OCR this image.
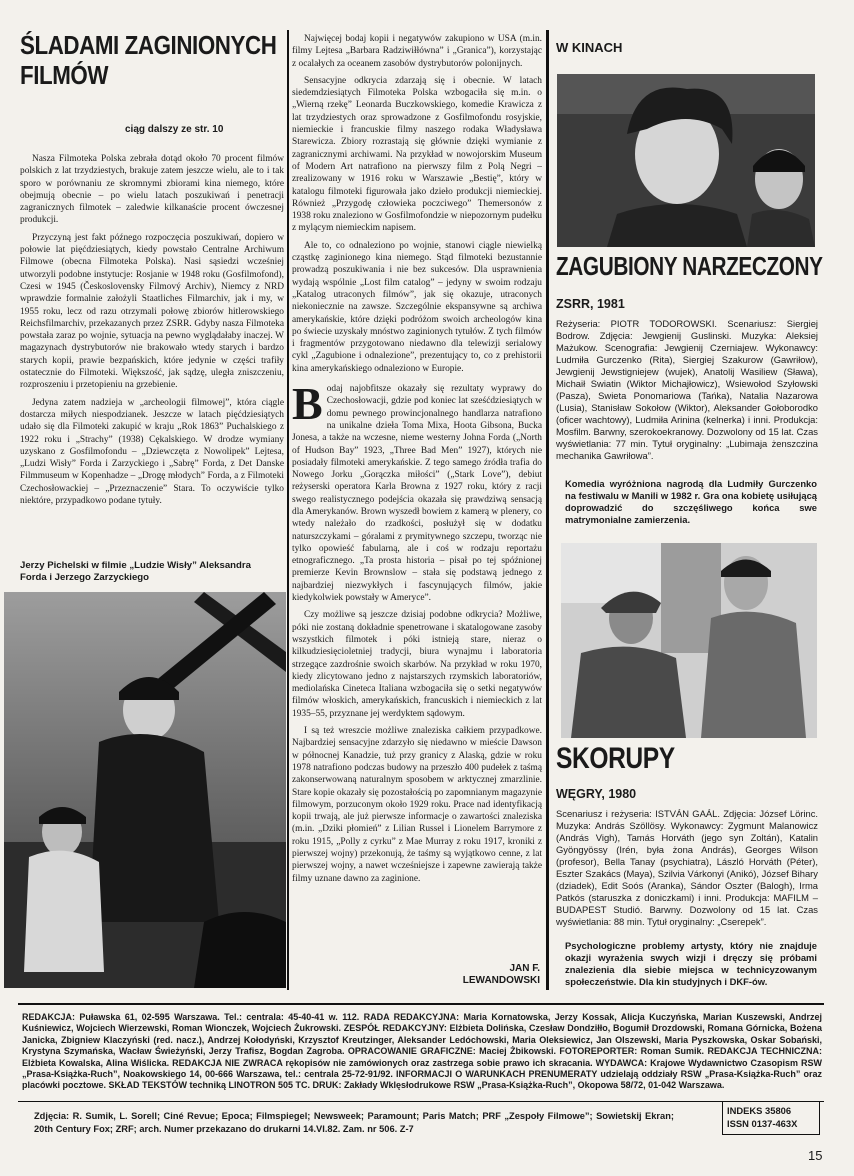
ŚLADAMI ZAGINIONYCH
FILMÓW
ciąg dalszy ze str. 10

Nasza Filmoteka Polska zebrała dotąd około 70 procent filmów polskich z lat trzydziestych, brakuje zatem jeszcze wielu, ale to i tak sporo w porównaniu ze skromnymi zbiorami kina niemego, które obejmują obecnie – po wielu latach poszukiwań i penetracji zagranicznych filmotek – zaledwie kilkanaście procent ówczesnej produkcji.

Przyczyną jest fakt późnego rozpoczęcia poszukiwań, dopiero w połowie lat pięćdziesiątych, kiedy powstało Centralne Archiwum Filmowe (obecna Filmoteka Polska). Nasi sąsiedzi wcześniej utworzyli podobne instytucje: Rosjanie w 1948 roku (Gosfilmofond), Czesi w 1945 (Československy Filmový Archiv), Niemcy z NRD wprawdzie formalnie założyli Staatliches Filmarchiv, jak i my, w 1955 roku, lecz od razu otrzymali połowę zbiorów hitlerowskiego Reichsfilmarchiv, przekazanych przez ZSRR. Gdyby nasza Filmoteka powstała zaraz po wojnie, sytuacja na pewno wyglądałaby inaczej. W magazynach dystrybutorów nie brakowało wtedy starych i bardzo starych kopii, prawie bezpańskich, które jedynie w części trafiły ostatecznie do Filmoteki. Większość, jak sądzę, uległa zniszczeniu, rozproszeniu i przetopieniu na grzebienie.

Jedyna zatem nadzieja w „archeologii filmowej”, która ciągle dostarcza miłych niespodzianek. Jeszcze w latach pięćdziesiątych udało się dla Filmoteki zakupić w kraju „Rok 1863” Puchalskiego z 1922 roku i „Strachy” (1938) Cękalskiego. W drodze wymiany uzyskano z Gosfilmofondu – „Dziewczęta z Nowolipek” Lejtesa, „Ludzi Wisły” Forda i Zarzyckiego i „Sabrę” Forda, z Det Danske Filmmuseum w Kopenhadze – „Drogę młodych” Forda, a z Filmoteki Czechosłowackiej – „Przeznaczenie” Stara. To oczywiście tylko niektóre, przypadkowo podane tytuły.

Jerzy Pichelski w filmie „Ludzie Wisły” Aleksandra Forda i Jerzego Zarzyckiego

Najwięcej bodaj kopii i negatywów zakupiono w USA (m.in. filmy Lejtesa „Barbara Radziwiłłówna” i „Granica”), korzystając z ocalałych za oceanem zasobów dystrybutorów polonijnych.

Sensacyjne odkrycia zdarzają się i obecnie. W latach siedemdziesiątych Filmoteka Polska wzbogaciła się m.in. o „Wierną rzekę” Leonarda Buczkowskiego, komedie Krawicza z lat trzydziestych oraz sprowadzone z Gosfilmofondu rosyjskie, niemieckie i francuskie filmy naszego rodaka Władysława Starewicza. Zbiory rozrastają się głównie dzięki wymianie z zagranicznymi archiwami. Na przykład w nowojorskim Museum of Modern Art natrafiono na pierwszy film z Polą Negri – zrealizowany w 1916 roku w Warszawie „Bestię”, który w katalogu filmoteki figurowała jako dzieło produkcji niemieckiej. Również „Przygodę człowieka poczciwego” Themersonów z 1938 roku znaleziono w Gosfilmofondzie w niepozornym pudełku z mylącym niemieckim napisem.

Ale to, co odnaleziono po wojnie, stanowi ciągle niewielką cząstkę zaginionego kina niemego. Stąd filmoteki bezustannie prowadzą poszukiwania i nie bez sukcesów. Dla usprawnienia wydają wspólnie „Lost film catalog” – jedyny w swoim rodzaju „Katalog utraconych filmów”, jak się okazuje, utraconych niekoniecznie na zawsze. Szczególnie ekspansywne są archiwa amerykańskie, które dzięki podróżom swoich archeologów kina po świecie uzyskały mnóstwo zaginionych tytułów. Z tych filmów i fragmentów przygotowano niedawno dla telewizji serialowy cykl „Zagubione i odnalezione”, prezentujący to, co z prehistorii kina amerykańskiego odnaleziono w Europie.

Bodaj najobfitsze okazały się rezultaty wyprawy do Czechosłowacji, gdzie pod koniec lat sześćdziesiątych w domu pewnego prowincjonalnego handlarza natrafiono na unikalne dzieła Toma Mixa, Hoota Gibsona, Bucka Jonesa, a także na wczesne, nieme westerny Johna Forda („North of Hudson Bay” 1923, „Three Bad Men” 1927), których nie posiadały filmoteki amerykańskie. Z tego samego źródła trafia do Nowego Jorku „Gorączka miłości” („Stark Love”), debiut reżyserski operatora Karla Browna z 1927 roku, który z racji swego realistycznego podejścia okazała się prawdziwą sensacją dla Amerykanów. Brown wyszedł bowiem z kamerą w plenery, co wtedy należało do rzadkości, posłużył się w dodatku naturszczykami – góralami z prymitywnego szczepu, tworząc nie tylko opowieść fabularną, ale i coś w rodzaju reportażu etnograficznego. „Ta prosta historia – pisał po tej spóźnionej premierze Kevin Brownslow – stała się podstawą jednego z najbardziej niezwykłych i fascynujących filmów, jakie kiedykolwiek powstały w Ameryce”.

Czy możliwe są jeszcze dzisiaj podobne odkrycia? Możliwe, póki nie zostaną dokładnie spenetrowane i skatalogowane zasoby wszystkich filmotek i póki istnieją stare, nieraz o kilkudziesięcioletniej tradycji, biura wynajmu i laboratoria strzegące zazdrośnie swoich skarbów. Na przykład w roku 1970, kiedy zlicytowano jedno z najstarszych rzymskich laboratoriów, mediolańska Cineteca Italiana wzbogaciła się o setki negatywów filmów włoskich, amerykańskich, francuskich i niemieckich z lat 1935–55, przyznane jej werdyktem sądowym.

I są też wreszcie możliwe znaleziska całkiem przypadkowe. Najbardziej sensacyjne zdarzyło się niedawno w mieście Dawson w północnej Kanadzie, tuż przy granicy z Alaską, gdzie w roku 1978 natrafiono podczas budowy na przeszło 400 pudełek z taśmą zakonserwowaną naturalnym sposobem w arktycznej zmarzlinie. Stare kopie okazały się pozostałością po zapomnianym magazynie filmowym, porzuconym około 1929 roku. Prace nad identyfikacją kopii trwają, ale już pierwsze informacje o zawartości znaleziska (m.in. „Dziki płomień” z Lilian Russel i Lionelem Barrymore z roku 1915, „Polly z cyrku” z Mae Murray z roku 1917, kroniki z pierwszej wojny) przekonują, że taśmy są wyjątkowo cenne, z lat pierwszej wojny, a nawet wcześniejsze i zapewne zawierają także filmy uznane dawno za zaginione.

JAN F.
LEWANDOWSKI
W KINACH
ZAGUBIONY NARZECZONY
ZSRR, 1981

Reżyseria: PIOTR TODOROWSKI. Scenariusz: Siergiej Bodrow. Zdjęcia: Jewgienij Guslinski. Muzyka: Aleksiej Mażukow. Scenografia: Jewgienij Czerniajew. Wykonawcy: Ludmiła Gurczenko (Rita), Siergiej Szakurow (Gawriłow), Jewgienij Jewstigniejew (wujek), Anatolij Wasiliew (Sława), Michaił Swiatin (Wiktor Michajłowicz), Wsiewołod Szyłowski (Pasza), Swieta Ponomariowa (Tańka), Natalia Nazarowa (Lusia), Stanisław Sokołow (Wiktor), Aleksander Gołoborodko (oficer wachtowy), Ludmiła Arinina (kelnerka) i inni. Produkcja: Mosfilm. Barwny, szerokoekranowy. Dozwolony od 15 lat. Czas wyświetlania: 77 min. Tytuł oryginalny: „Lubimaja żenszczina mechanika Gawriłowa”.

Komedia wyróżniona nagrodą dla Ludmiły Gurczenko na festiwalu w Manili w 1982 r. Gra ona kobietę usiłującą doprowadzić do szczęśliwego końca swe matrymonialne zamierzenia.

SKORUPY
WĘGRY, 1980

Scenariusz i reżyseria: ISTVÁN GAÁL. Zdjęcia: József Lörinc. Muzyka: András Szöllösy. Wykonawcy: Zygmunt Malanowicz (András Vigh), Tamás Horváth (jego syn Zoltán), Katalin Gyöngyössy (Irén, była żona András), Georges Wilson (profesor), Bella Tanay (psychiatra), László Horváth (Péter), Eszter Szakács (Maya), Szilvia Várkonyi (Anikó), József Bihary (dziadek), Edit Soós (Aranka), Sándor Oszter (Balogh), Irma Patkós (staruszka z doniczkami) i inni. Produkcja: MAFILM – BUDAPEST Studió. Barwny. Dozwolony od 15 lat. Czas wyświetlania: 88 min. Tytuł oryginalny: „Cserepek”.

Psychologiczne problemy artysty, który nie znajduje okazji wyrażenia swych wizji i dręczy się próbami znalezienia dla siebie miejsca w technicyzowanym społeczeństwie. Dla kin studyjnych i DKF-ów.

REDAKCJA: Puławska 61, 02-595 Warszawa. Tel.: centrala: 45-40-41 w. 112. RADA REDAKCYJNA: Maria Kornatowska, Jerzy Kossak, Alicja Kuczyńska, Marian Kuszewski, Andrzej Kuśniewicz, Wojciech Wierzewski, Roman Wionczek, Wojciech Żukrowski. ZESPÓŁ REDAKCYJNY: Elżbieta Dolińska, Czesław Dondziłło, Bogumił Drozdowski, Romana Górnicka, Bożena Janicka, Zbigniew Klaczyński (red. nacz.), Andrzej Kołodyński, Krzysztof Kreutzinger, Aleksander Ledóchowski, Maria Oleksiewicz, Jan Olszewski, Maria Pyszkowska, Oskar Sobański, Krystyna Szymańska, Wacław Świeżyński, Jerzy Trafisz, Bogdan Zagroba. OPRACOWANIE GRAFICZNE: Maciej Żbikowski. FOTOREPORTER: Roman Sumik. REDAKCJA TECHNICZNA: Elżbieta Kowalska, Alina Wiślicka. REDAKCJA NIE ZWRACA rękopisów nie zamówionych oraz zastrzega sobie prawo ich skracania. WYDAWCA: Krajowe Wydawnictwo Czasopism RSW „Prasa-Książka-Ruch”, Noakowskiego 14, 00-666 Warszawa, tel.: centrala 25-72-91/92. INFORMACJI O WARUNKACH PRENUMERATY udzielają oddziały RSW „Prasa-Książka-Ruch” oraz placówki pocztowe. SKŁAD TEKSTÓW techniką LINOTRON 505 TC. DRUK: Zakłady Wklęsłodrukowe RSW „Prasa-Książka-Ruch”, Okopowa 58/72, 01-042 Warszawa.

Zdjęcia: R. Sumik, L. Sorell; Ciné Revue; Epoca; Filmspiegel; Newsweek; Paramount; Paris Match; PRF „Zespoły Filmowe”; Sowietskij Ekran; 20th Century Fox; ZRF; arch. Numer przekazano do drukarni 14.VI.82. Zam. nr 506. Z-7

INDEKS 35806
ISSN 0137-463X
15
